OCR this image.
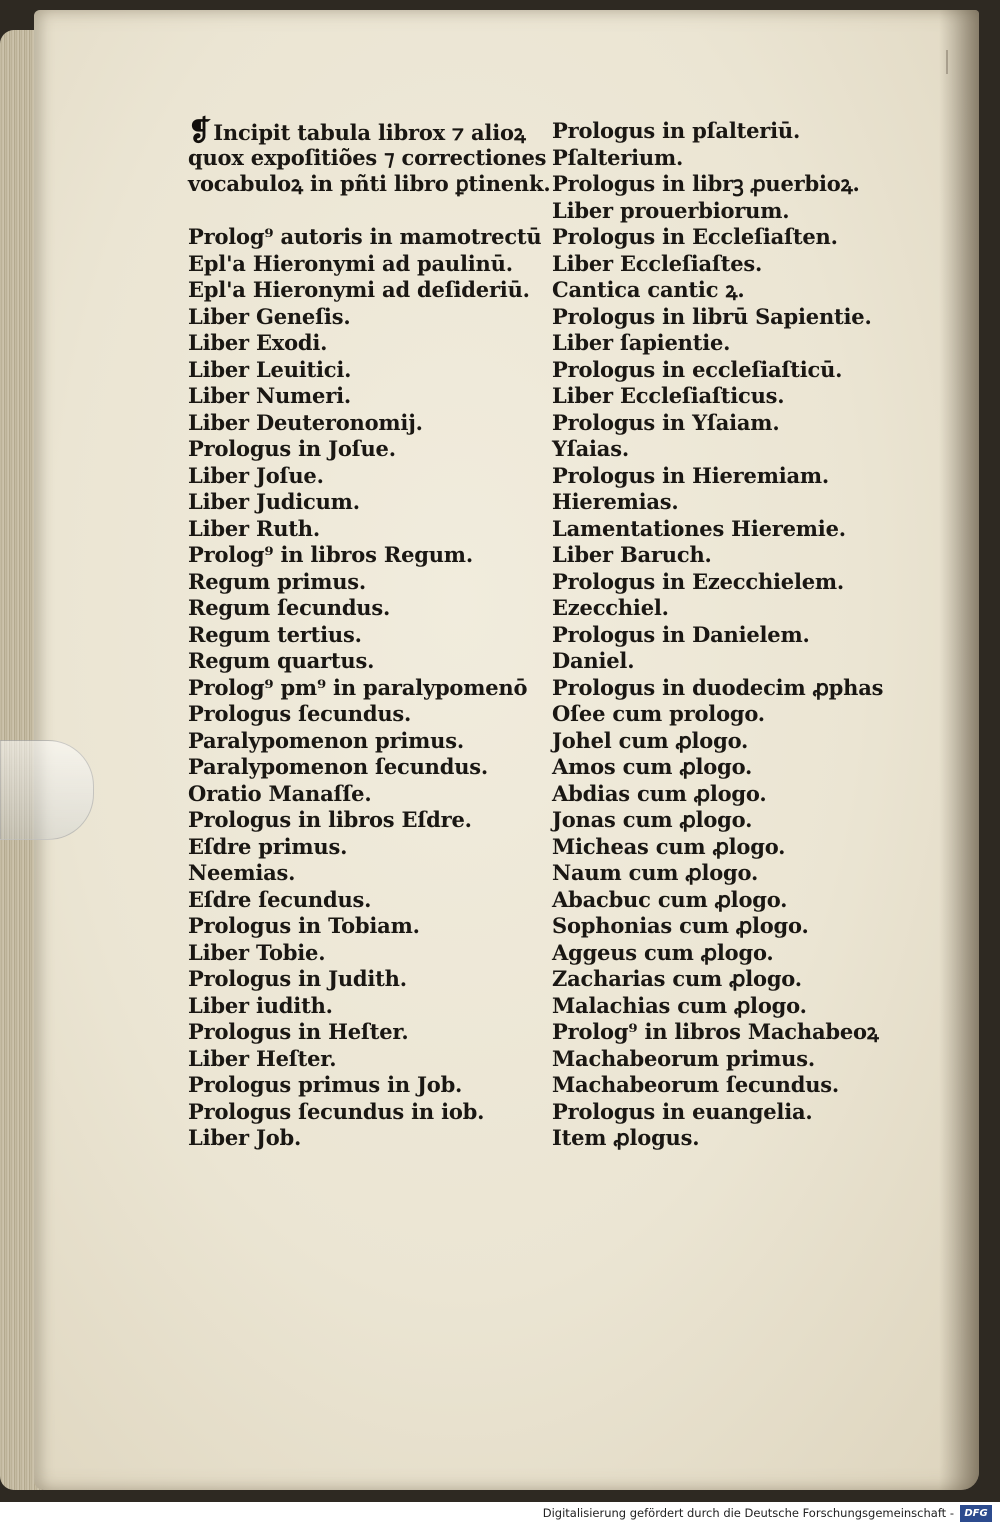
❡Incipit tabula librox ⁊ alioꝝ
quox expoſitiões ⁊ correctiones
vocabuloꝝ in pñti libro ꝑtinenk.
Prolog⁹ autoris in mamotrectū
Epl'a Hieronymi ad paulinū.
Epl'a Hieronymi ad deſideriū.
Liber Geneſis.
Liber Exodi.
Liber Leuitici.
Liber Numeri.
Liber Deuteronomij.
Prologus in Joſue.
Liber Joſue.
Liber Judicum.
Liber Ruth.
Prolog⁹ in libros Regum.
Regum primus.
Regum ſecundus.
Regum tertius.
Regum quartus.
Prolog⁹ pm⁹ in paralypomenō
Prologus ſecundus.
Paralypomenon primus.
Paralypomenon ſecundus.
Oratio Manaſſe.
Prologus in libros Eſdre.
Eſdre primus.
Neemias.
Eſdre ſecundus.
Prologus in Tobiam.
Liber Tobie.
Prologus in Judith.
Liber iudith.
Prologus in Heſter.
Liber Heſter.
Prologus primus in Job.
Prologus ſecundus in iob.
Liber Job.
Prologus in pſalteriū.
Pſalterium.
Prologus in librꝫ ꝓuerbioꝝ.
Liber prouerbiorum.
Prologus in Eccleſiaſten.
Liber Eccleſiaſtes.
Cantica cantic ꝝ.
Prologus in librū Sapientie.
Liber ſapientie.
Prologus in eccleſiaſticū.
Liber Eccleſiaſticus.
Prologus in Yſaiam.
Yſaias.
Prologus in Hieremiam.
Hieremias.
Lamentationes Hieremie.
Liber Baruch.
Prologus in Ezecchielem.
Ezecchiel.
Prologus in Danielem.
Daniel.
Prologus in duodecim ꝓphas
Oſee cum prologo.
Johel cum ꝓlogo.
Amos cum ꝓlogo.
Abdias cum ꝓlogo.
Jonas cum ꝓlogo.
Micheas cum ꝓlogo.
Naum cum ꝓlogo.
Abacbuc cum ꝓlogo.
Sophonias cum ꝓlogo.
Aggeus cum ꝓlogo.
Zacharias cum ꝓlogo.
Malachias cum ꝓlogo.
Prolog⁹ in libros Machabeoꝝ
Machabeorum primus.
Machabeorum ſecundus.
Prologus in euangelia.
Item ꝓlogus.
Digitalisierung gefördert durch die Deutsche Forschungsgemeinschaft -	DFG
